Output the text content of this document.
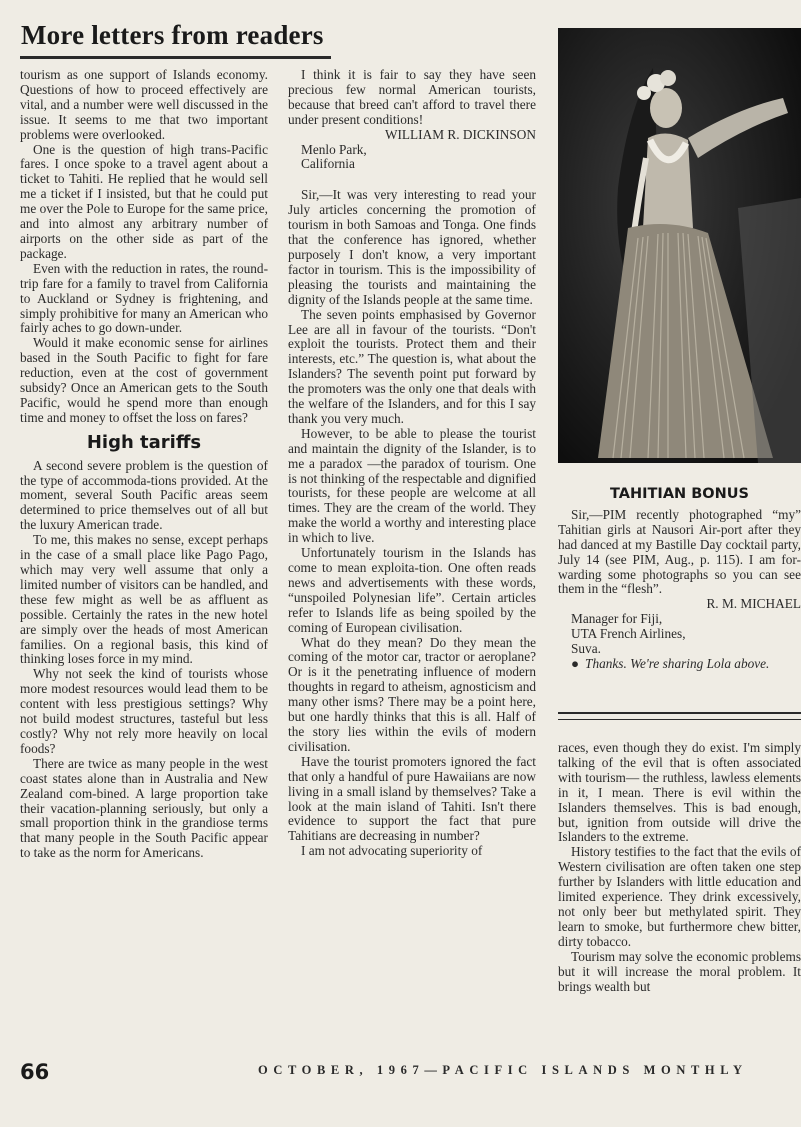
More letters from readers

tourism as one support of Islands economy. Questions of how to proceed effectively are vital, and a number were well discussed in the issue. It seems to me that two important problems were overlooked.

One is the question of high trans-Pacific fares. I once spoke to a travel agent about a ticket to Tahiti. He replied that he would sell me a ticket if I insisted, but that he could put me over the Pole to Europe for the same price, and into almost any arbitrary number of airports on the other side as part of the package.

Even with the reduction in rates, the round-trip fare for a family to travel from California to Auckland or Sydney is frightening, and simply prohibitive for many an American who fairly aches to go down-under.

Would it make economic sense for airlines based in the South Pacific to fight for fare reduction, even at the cost of government subsidy? Once an American gets to the South Pacific, would he spend more than enough time and money to offset the loss on fares?

High tariffs

A second severe problem is the question of the type of accommoda-tions provided. At the moment, several South Pacific areas seem determined to price themselves out of all but the luxury American trade.

To me, this makes no sense, except perhaps in the case of a small place like Pago Pago, which may very well assume that only a limited number of visitors can be handled, and these few might as well be as affluent as possible. Certainly the rates in the new hotel are simply over the heads of most American families. On a regional basis, this kind of thinking loses force in my mind.

Why not seek the kind of tourists whose more modest resources would lead them to be content with less prestigious settings? Why not build modest structures, tasteful but less costly? Why not rely more heavily on local foods?

There are twice as many people in the west coast states alone than in Australia and New Zealand com-bined. A large proportion take their vacation-planning seriously, but only a small proportion think in the grandiose terms that many people in the South Pacific appear to take as the norm for Americans.

I think it is fair to say they have seen precious few normal American tourists, because that breed can't afford to travel there under present conditions!

WILLIAM R. DICKINSON

Menlo Park,

California

Sir,—It was very interesting to read your July articles concerning the promotion of tourism in both Samoas and Tonga. One finds that the conference has ignored, whether purposely I don't know, a very important factor in tourism. This is the impossibility of pleasing the tourists and maintaining the dignity of the Islands people at the same time.

The seven points emphasised by Governor Lee are all in favour of the tourists. “Don't exploit the tourists. Protect them and their interests, etc.” The question is, what about the Islanders? The seventh point put forward by the promoters was the only one that deals with the welfare of the Islanders, and for this I say thank you very much.

However, to be able to please the tourist and maintain the dignity of the Islander, is to me a paradox —the paradox of tourism. One is not thinking of the respectable and dignified tourists, for these people are welcome at all times. They are the cream of the world. They make the world a worthy and interesting place in which to live.

Unfortunately tourism in the Islands has come to mean exploita-tion. One often reads news and advertisements with these words, “unspoiled Polynesian life”. Certain articles refer to Islands life as being spoiled by the coming of European civilisation.

What do they mean? Do they mean the coming of the motor car, tractor or aeroplane? Or is it the penetrating influence of modern thoughts in regard to atheism, agnosticism and many other isms? There may be a point here, but one hardly thinks that this is all. Half of the story lies within the evils of modern civilisation.

Have the tourist promoters ignored the fact that only a handful of pure Hawaiians are now living in a small island by themselves? Take a look at the main island of Tahiti. Isn't there evidence to support the fact that pure Tahitians are decreasing in number?

I am not advocating superiority of

TAHITIAN BONUS

Sir,—PIM recently photographed “my” Tahitian girls at Nausori Air-port after they had danced at my Bastille Day cocktail party, July 14 (see PIM, Aug., p. 115). I am for-warding some photographs so you can see them in the “flesh”.

R. M. MICHAEL

Manager for Fiji,

UTA French Airlines,

Suva.

● Thanks. We're sharing Lola above.

races, even though they do exist. I'm simply talking of the evil that is often associated with tourism— the ruthless, lawless elements in it, I mean. There is evil within the Islanders themselves. This is bad enough, but, ignition from outside will drive the Islanders to the extreme.

History testifies to the fact that the evils of Western civilisation are often taken one step further by Islanders with little education and limited experience. They drink excessively, not only beer but methylated spirit. They learn to smoke, but furthermore chew bitter, dirty tobacco.

Tourism may solve the economic problems but it will increase the moral problem. It brings wealth but

66	OCTOBER, 1967—PACIFIC ISLANDS MONTHLY
